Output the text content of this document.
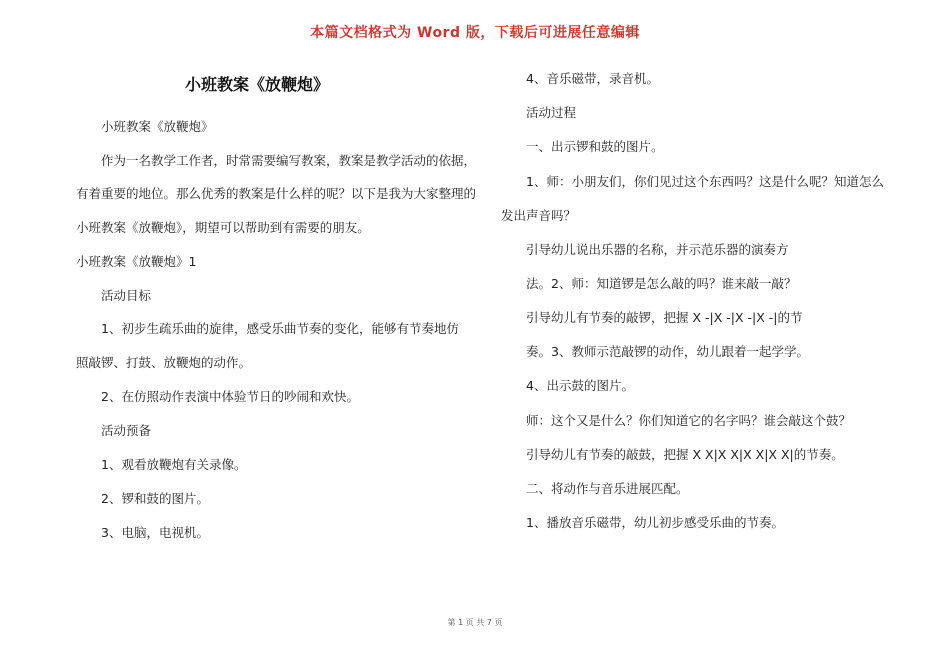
本篇文档格式为 Word 版，下载后可进展任意编辑
小班教案《放鞭炮》
小班教案《放鞭炮》
作为一名教学工作者，时常需要编写教案，教案是教学活动的依据，
有着重要的地位。那么优秀的教案是什么样的呢？以下是我为大家整理的
小班教案《放鞭炮》，期望可以帮助到有需要的朋友。
小班教案《放鞭炮》1
活动目标
1、初步生疏乐曲的旋律，感受乐曲节奏的变化，能够有节奏地仿
照敲锣、打鼓、放鞭炮的动作。
2、在仿照动作表演中体验节日的吵闹和欢快。
活动预备
1、观看放鞭炮有关录像。
2、锣和鼓的图片。
3、电脑，电视机。
4、音乐磁带，录音机。
活动过程
一、出示锣和鼓的图片。
1、师：小朋友们，你们见过这个东西吗？这是什么呢？知道怎么
发出声音吗？
引导幼儿说出乐器的名称，并示范乐器的演奏方
法。2、师：知道锣是怎么敲的吗？谁来敲一敲？
引导幼儿有节奏的敲锣，把握 X -|X -|X -|X -|的节
奏。3、教师示范敲锣的动作，幼儿跟着一起学学。
4、出示鼓的图片。
师：这个又是什么？你们知道它的名字吗？谁会敲这个鼓？
引导幼儿有节奏的敲鼓，把握 X X|X X|X X|X X|的节奏。
二、将动作与音乐进展匹配。
1、播放音乐磁带，幼儿初步感受乐曲的节奏。
第 1 页 共 7 页
